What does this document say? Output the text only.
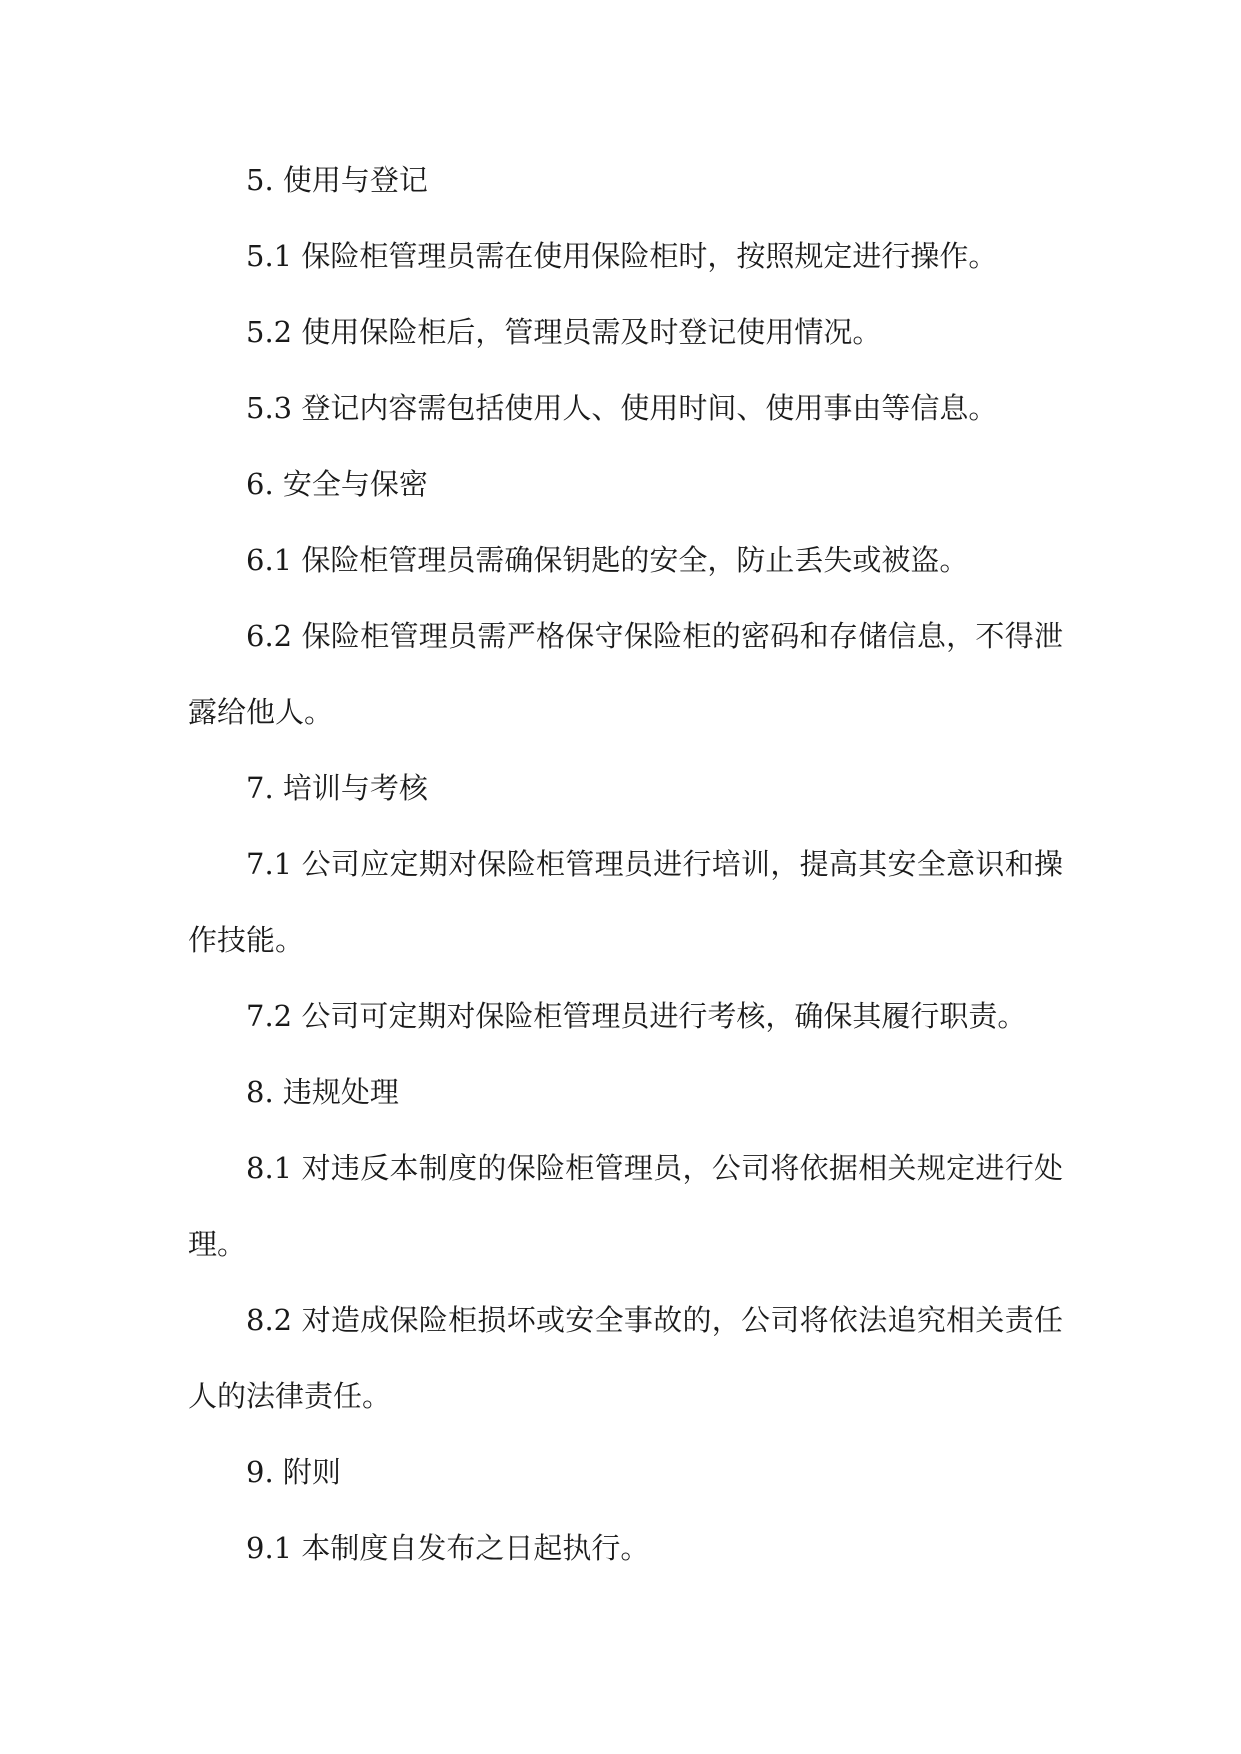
5. 使用与登记

5.1 保险柜管理员需在使用保险柜时，按照规定进行操作。

5.2 使用保险柜后，管理员需及时登记使用情况。

5.3 登记内容需包括使用人、使用时间、使用事由等信息。

6. 安全与保密

6.1 保险柜管理员需确保钥匙的安全，防止丢失或被盗。

6.2 保险柜管理员需严格保守保险柜的密码和存储信息，不得泄露给他人。

7. 培训与考核

7.1 公司应定期对保险柜管理员进行培训，提高其安全意识和操作技能。

7.2 公司可定期对保险柜管理员进行考核，确保其履行职责。

8. 违规处理

8.1 对违反本制度的保险柜管理员，公司将依据相关规定进行处理。

8.2 对造成保险柜损坏或安全事故的，公司将依法追究相关责任人的法律责任。

9. 附则

9.1 本制度自发布之日起执行。
